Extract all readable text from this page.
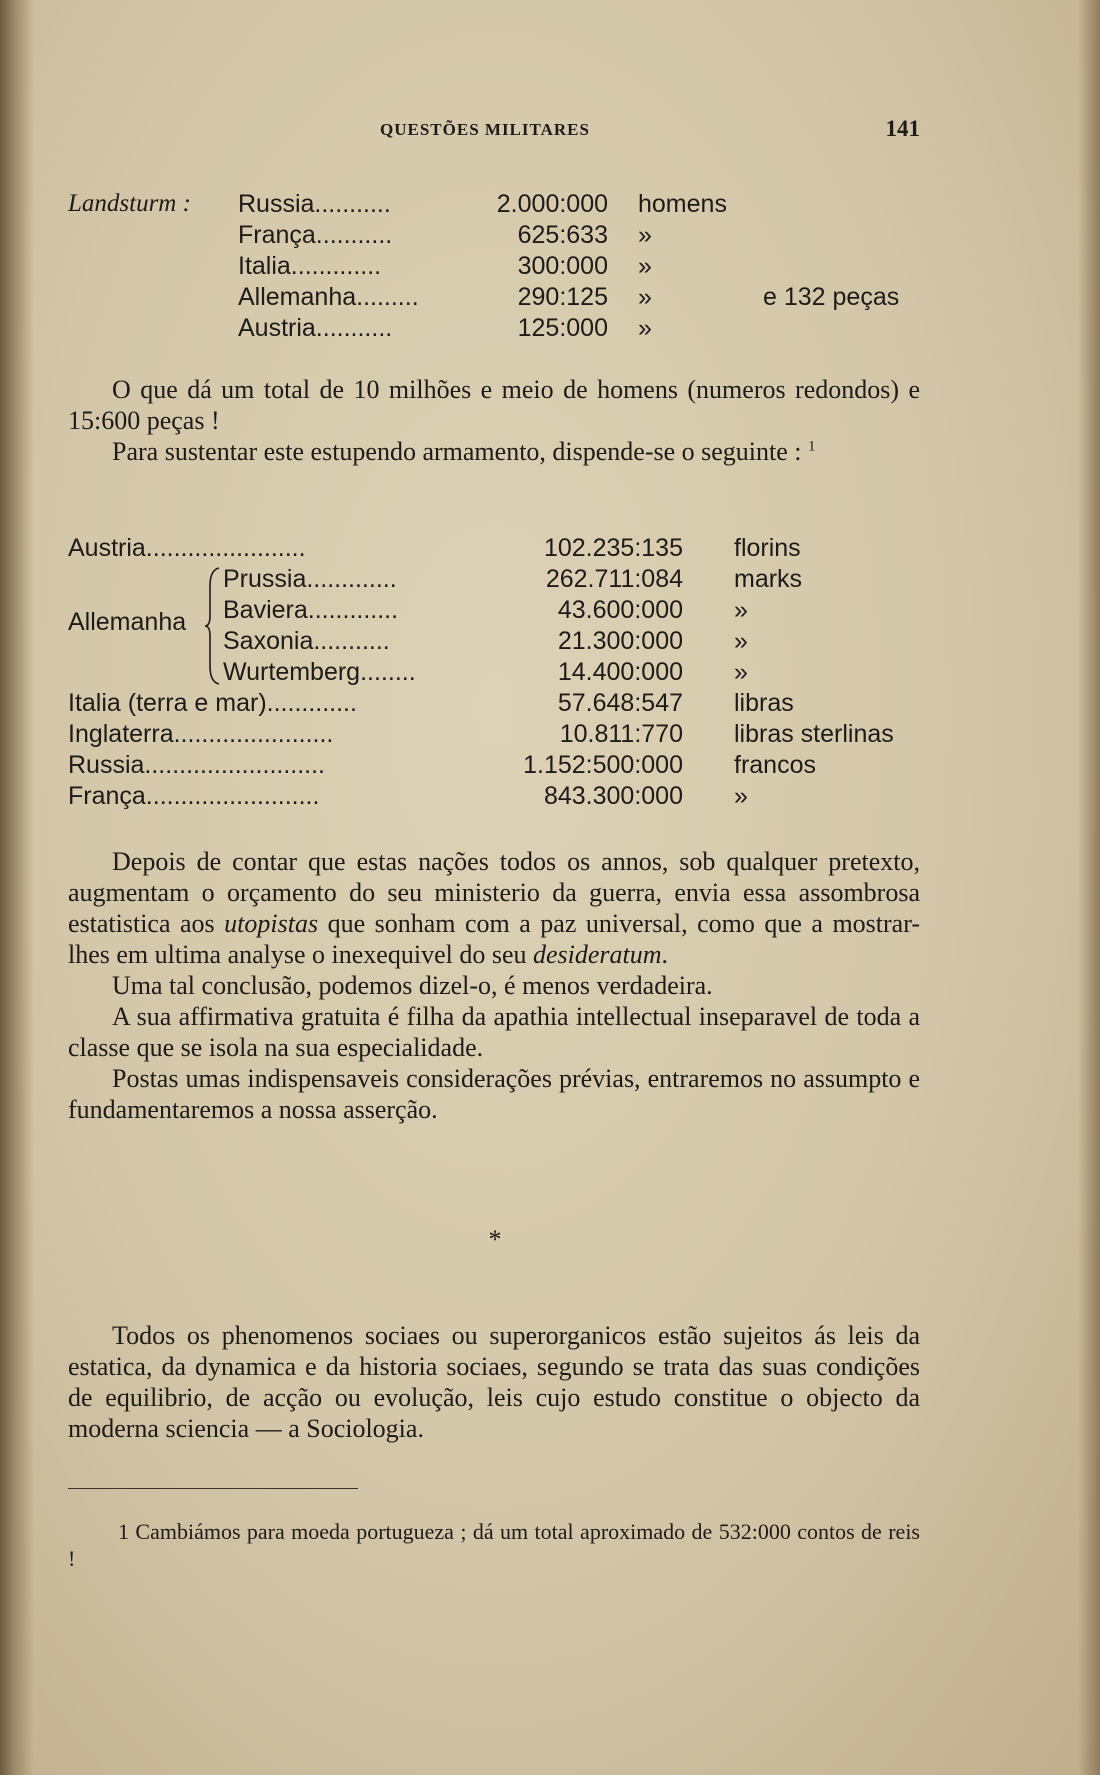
QUESTÕES MILITARES	141
Landsturm : Russia...........	2.000:000 homens
França...........	625:633 »
Italia.............	300:000 »
Allemanha.........	290:125 »	e 132 peças
Austria...........	125:000 »

O que dá um total de 10 milhões e meio de homens (numeros redondos) e 15:600 peças !

Para sustentar este estupendo armamento, dispende-se o seguinte : $^1$

Austria.......................	102.235:135 florins
Allemanha
Prussia.............	262.711:084 marks
Baviera.............	43.600:000 »
Saxonia...........	21.300:000 »
Wurtemberg........	14.400:000 »
Italia (terra e mar).............	57.648:547 libras
Inglaterra.......................	10.811:770 libras sterlinas
Russia..........................	1.152:500:000 francos
França.........................	843.300:000 »

Depois de contar que estas nações todos os annos, sob qualquer pretexto, augmentam o orçamento do seu ministerio da guerra, envia essa assombrosa estatistica aos utopistas que sonham com a paz universal, como que a mostrar-lhes em ultima analyse o inexequivel do seu desideratum.

Uma tal conclusão, podemos dizel-o, é menos verdadeira.

A sua affirmativa gratuita é filha da apathia intellectual inseparavel de toda a classe que se isola na sua especialidade.

Postas umas indispensaveis considerações prévias, entraremos no assumpto e fundamentaremos a nossa asserção.

*

Todos os phenomenos sociaes ou superorganicos estão sujeitos ás leis da estatica, da dynamica e da historia sociaes, segundo se trata das suas condições de equilibrio, de acção ou evolução, leis cujo estudo constitue o objecto da moderna sciencia — a Sociologia.

1 Cambiámos para moeda portugueza ; dá um total aproximado de 532:000 contos de reis !
